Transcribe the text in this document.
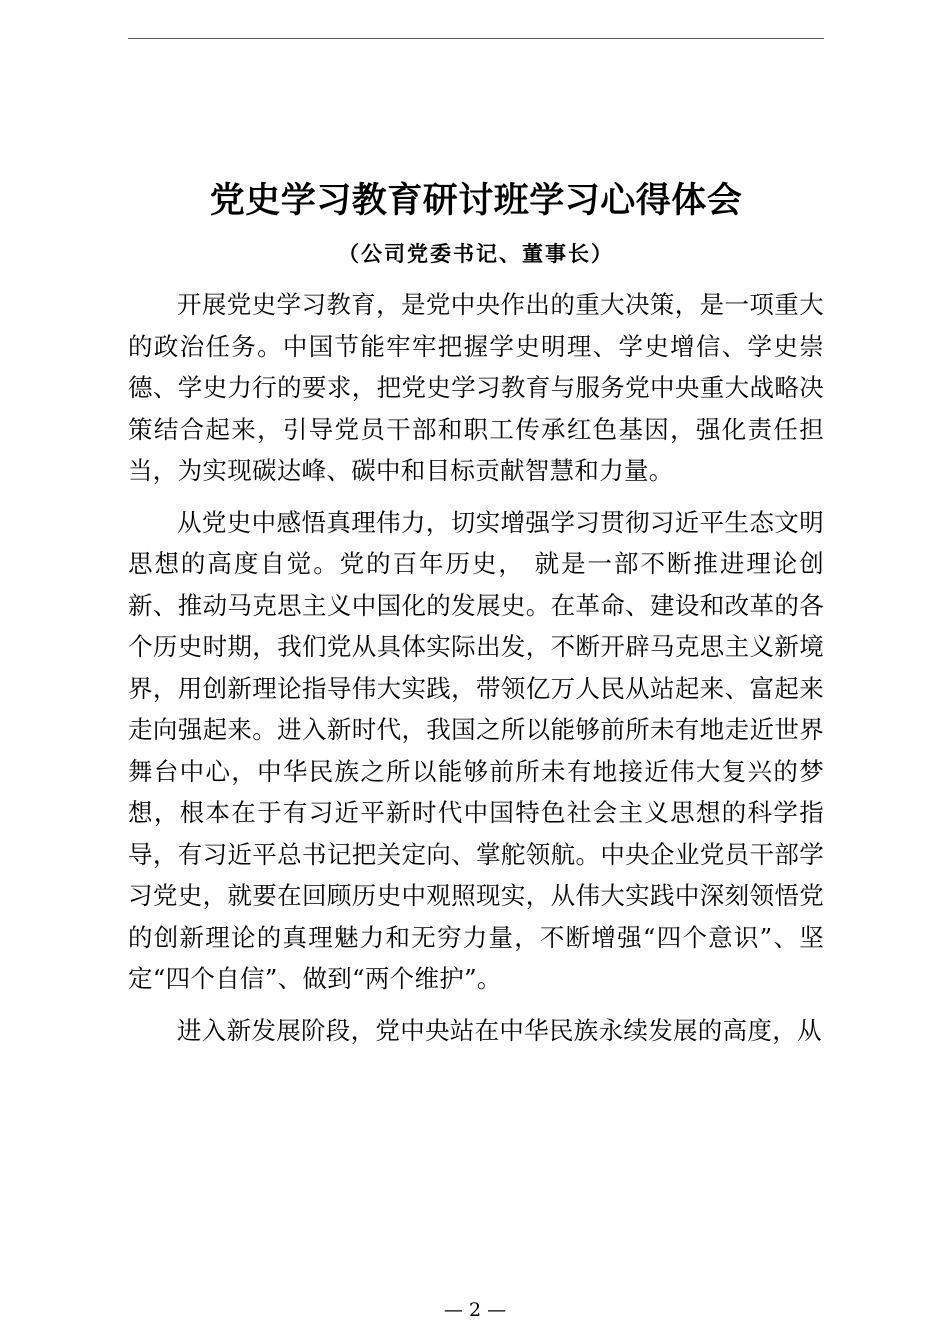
党史学习教育研讨班学习心得体会
（公司党委书记、董事长）

开展党史学习教育，是党中央作出的重大决策，是一项重大的政治任务。中国节能牢牢把握学史明理、学史增信、学史崇德、学史力行的要求，把党史学习教育与服务党中央重大战略决策结合起来，引导党员干部和职工传承红色基因，强化责任担当，为实现碳达峰、碳中和目标贡献智慧和力量。

从党史中感悟真理伟力，切实增强学习贯彻习近平生态文明思想的高度自觉。党的百年历史， 就是一部不断推进理论创新、推动马克思主义中国化的发展史。在革命、建设和改革的各个历史时期，我们党从具体实际出发，不断开辟马克思主义新境界，用创新理论指导伟大实践，带领亿万人民从站起来、富起来走向强起来。进入新时代，我国之所以能够前所未有地走近世界舞台中心，中华民族之所以能够前所未有地接近伟大复兴的梦想，根本在于有习近平新时代中国特色社会主义思想的科学指导，有习近平总书记把关定向、掌舵领航。中央企业党员干部学习党史，就要在回顾历史中观照现实，从伟大实践中深刻领悟党的创新理论的真理魅力和无穷力量，不断增强“四个意识”、坚定“四个自信”、做到“两个维护”。

进入新发展阶段，党中央站在中华民族永续发展的高度，从

— 2 —
